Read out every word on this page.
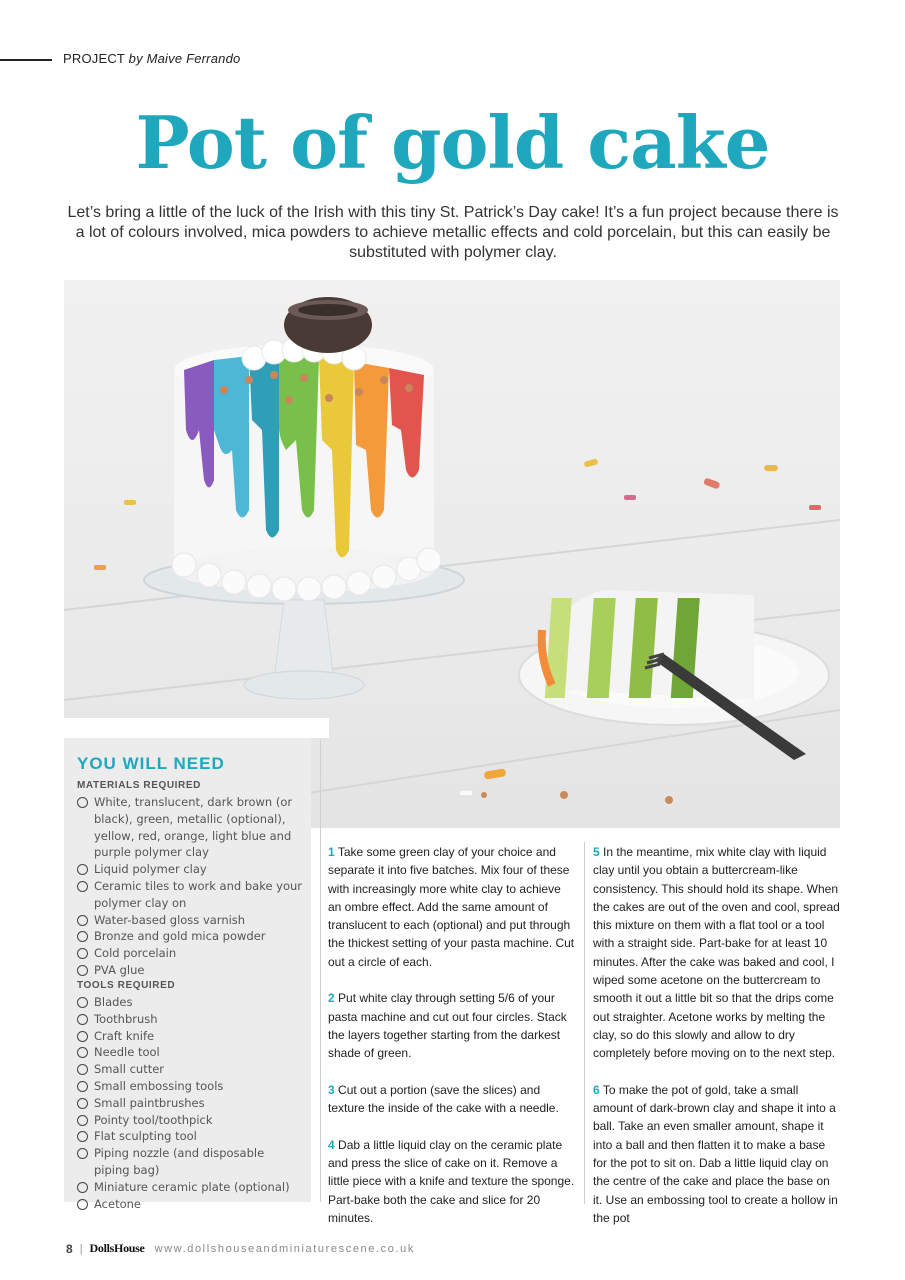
PROJECT by Maive Ferrando
Pot of gold cake
Let’s bring a little of the luck of the Irish with this tiny St. Patrick’s Day cake! It’s a fun project because there is a lot of colours involved, mica powders to achieve metallic effects and cold porcelain, but this can easily be substituted with polymer clay.
YOU WILL NEED
MATERIALS REQUIRED
White, translucent, dark brown (or black), green, metallic (optional), yellow, red, orange, light blue and purple polymer clay
Liquid polymer clay
Ceramic tiles to work and bake your polymer clay on
Water-based gloss varnish
Bronze and gold mica powder
Cold porcelain
PVA glue
TOOLS REQUIRED
Blades
Toothbrush
Craft knife
Needle tool
Small cutter
Small embossing tools
Small paintbrushes
Pointy tool/toothpick
Flat sculpting tool
Piping nozzle (and disposable piping bag)
Miniature ceramic plate (optional)
Acetone

1 Take some green clay of your choice and separate it into five batches. Mix four of these with increasingly more white clay to achieve an ombre effect. Add the same amount of translucent to each (optional) and put through the thickest setting of your pasta machine. Cut out a circle of each.

2 Put white clay through setting 5/6 of your pasta machine and cut out four circles. Stack the layers together starting from the darkest shade of green.

3 Cut out a portion (save the slices) and texture the inside of the cake with a needle.

4 Dab a little liquid clay on the ceramic plate and press the slice of cake on it. Remove a little piece with a knife and texture the sponge. Part-bake both the cake and slice for 20 minutes.

5 In the meantime, mix white clay with liquid clay until you obtain a buttercream-like consistency. This should hold its shape. When the cakes are out of the oven and cool, spread this mixture on them with a flat tool or a tool with a straight side. Part-bake for at least 10 minutes. After the cake was baked and cool, I wiped some acetone on the buttercream to smooth it out a little bit so that the drips come out straighter. Acetone works by melting the clay, so do this slowly and allow to dry completely before moving on to the next step.

6 To make the pot of gold, take a small amount of dark-brown clay and shape it into a ball. Take an even smaller amount, shape it into a ball and then flatten it to make a base for the pot to sit on. Dab a little liquid clay on the centre of the cake and place the base on it. Use an embossing tool to create a hollow in the pot

8 | DollsHouse www.dollshouseandminiaturescene.co.uk
